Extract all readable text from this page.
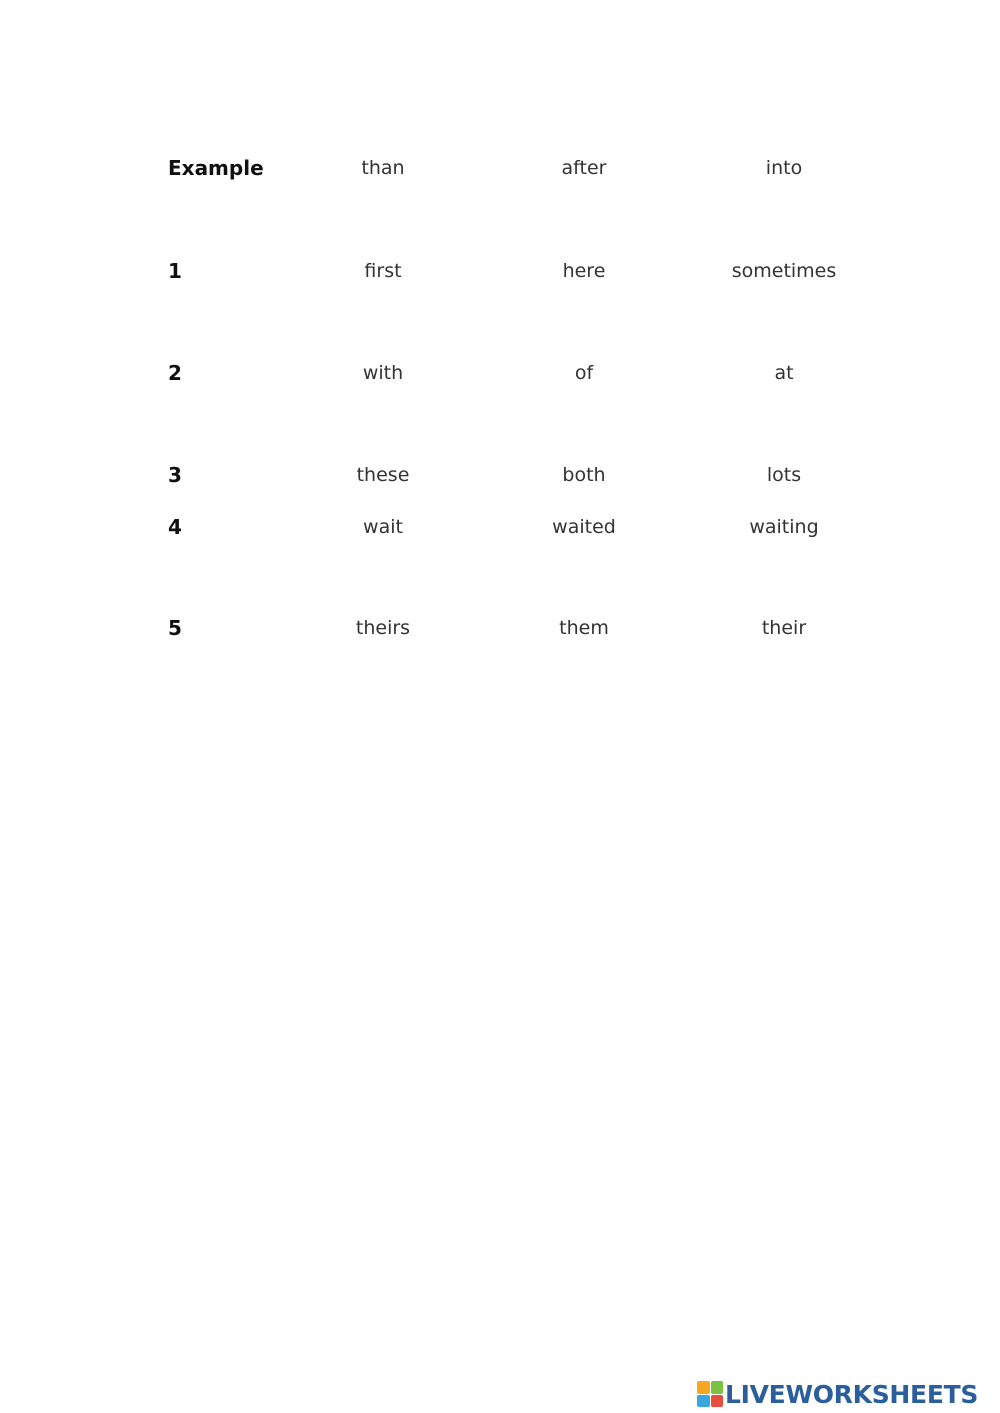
Example	than	after	into
1	first	here	sometimes
2	with	of	at
3	these	both	lots
4	wait	waited	waiting
5	theirs	them	their
LIVEWORKSHEETS
